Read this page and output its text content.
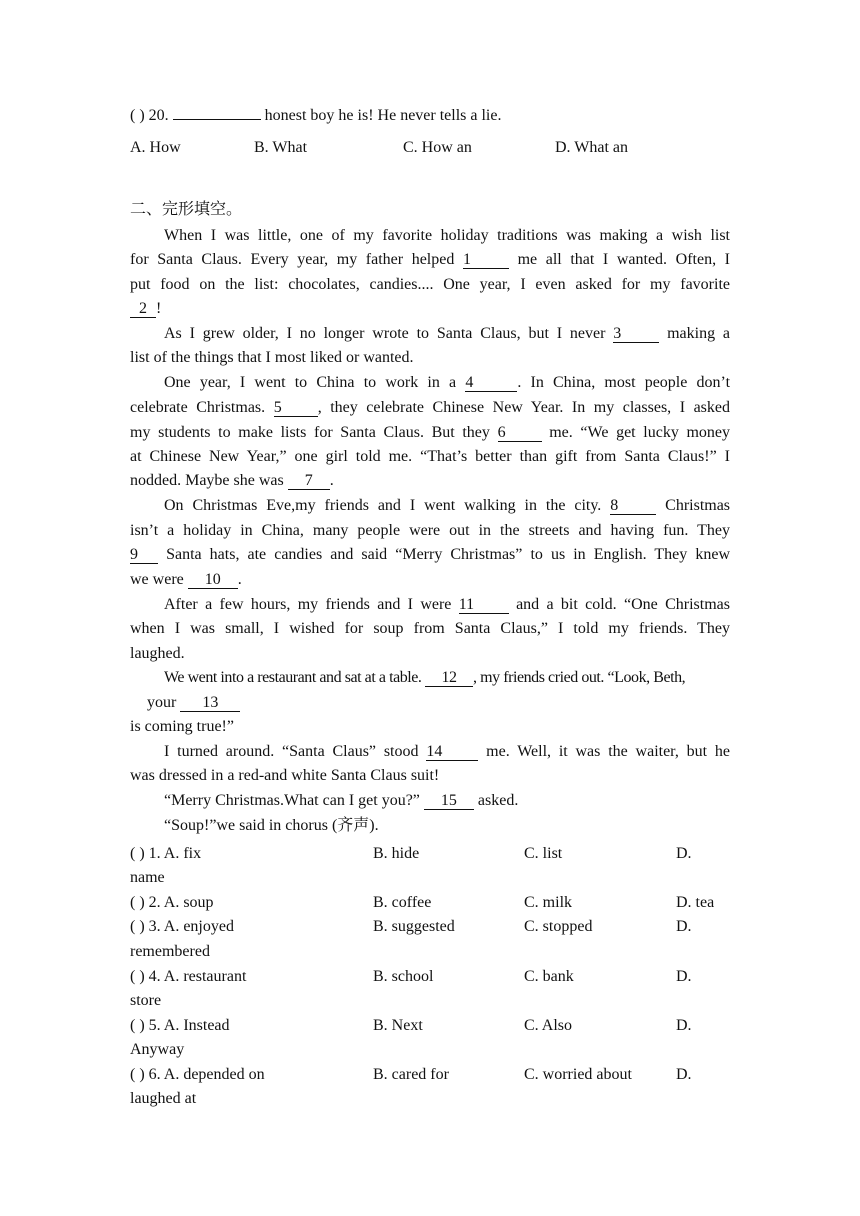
( ) 20.	honest boy he is! He never tells a lie.
A. How	B. What	C. How an	D. What an
二、完形填空。
When I was little, one of my favorite holiday traditions was making a wish list
for Santa Claus. Every year, my father helped 1	me all that I wanted. Often, I
put food on the list: chocolates, candies.... One year, I even asked for my favorite
2 !
As I grew older, I no longer wrote to Santa Claus, but I never 3	making a
list of the things that I most liked or wanted.
One year, I went to China to work in a 4	. In China, most people don’t
celebrate Christmas. 5 , they celebrate Chinese New Year. In my classes, I asked
my students to make lists for Santa Claus. But they 6	me. “We get lucky money
at Chinese New Year,” one girl told me. “That’s better than gift from Santa Claus!” I
nodded. Maybe she was 7 .
On Christmas Eve,my friends and I went walking in the city. 8	Christmas
isn’t a holiday in China, many people were out in the streets and having fun. They
9 Santa hats, ate candies and said “Merry Christmas” to us in English. They knew
we were 10 .
After a few hours, my friends and I were 11	and a bit cold. “One Christmas
when I was small, I wished for soup from Santa Claus,” I told my friends. They
laughed.
We went into a restaurant and sat at a table. 12 , my friends cried out. “Look, Beth,
your 13
is coming true!”
I turned around. “Santa Claus” stood 14	me. Well, it was the waiter, but he
was dressed in a red-and white Santa Claus suit!
“Merry Christmas.What can I get you?” 15 asked.
“Soup!”we said in chorus (齐声).
( ) 1. A. fix	B. hide	C. list	D.
name
( ) 2. A. soup	B. coffee	C. milk	D. tea
( ) 3. A. enjoyed	B. suggested	C. stopped	D.
remembered
( ) 4. A. restaurant	B. school	C. bank	D.
store
( ) 5. A. Instead	B. Next	C. Also	D.
Anyway
( ) 6. A. depended on	B. cared for	C. worried about	D.
laughed at
